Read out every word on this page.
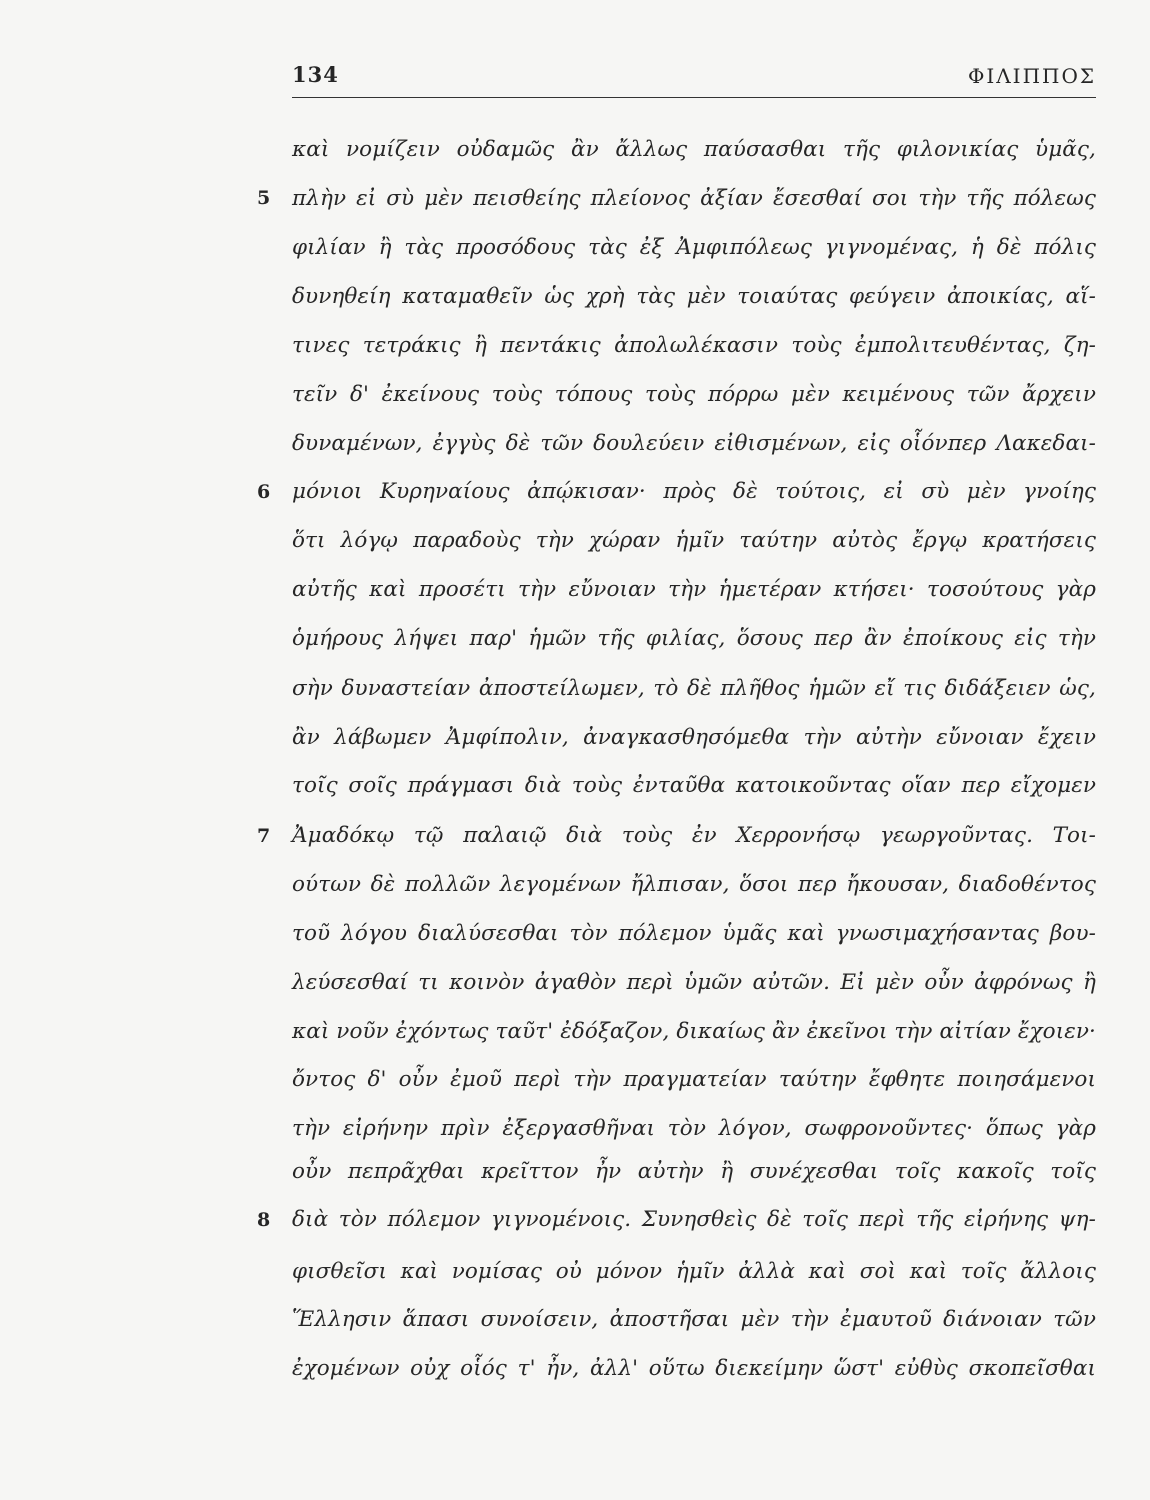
134	ΦΙΛΙΠΠΟΣ
5
6
7
8
καὶ νομίζειν οὐδαμῶς ἂν ἄλλως παύσασθαι τῆς φιλονικίας ὑμᾶς,
πλὴν εἰ σὺ μὲν πεισθείης πλείονος ἀξίαν ἔσεσθαί σοι τὴν τῆς πόλεως
φιλίαν ἢ τὰς προσόδους τὰς ἐξ Ἀμφιπόλεως γιγνομένας, ἡ δὲ πόλις
δυνηθείη καταμαθεῖν ὡς χρὴ τὰς μὲν τοιαύτας φεύγειν ἀποικίας, αἵ-
τινες τετράκις ἢ πεντάκις ἀπολωλέκασιν τοὺς ἐμπολιτευθέντας, ζη-
τεῖν δ' ἐκείνους τοὺς τόπους τοὺς πόρρω μὲν κειμένους τῶν ἄρχειν
δυναμένων, ἐγγὺς δὲ τῶν δουλεύειν εἰθισμένων, εἰς οἷόνπερ Λακεδαι-
μόνιοι Κυρηναίους ἀπῴκισαν· πρὸς δὲ τούτοις, εἰ σὺ μὲν γνοίης
ὅτι λόγῳ παραδοὺς τὴν χώραν ἡμῖν ταύτην αὐτὸς ἔργῳ κρατήσεις
αὐτῆς καὶ προσέτι τὴν εὔνοιαν τὴν ἡμετέραν κτήσει· τοσούτους γὰρ
ὁμήρους λήψει παρ' ἡμῶν τῆς φιλίας, ὅσους περ ἂν ἐποίκους εἰς τὴν
σὴν δυναστείαν ἀποστείλωμεν, τὸ δὲ πλῆθος ἡμῶν εἴ τις διδάξειεν ὡς,
ἂν λάβωμεν Ἀμφίπολιν, ἀναγκασθησόμεθα τὴν αὐτὴν εὔνοιαν ἔχειν
τοῖς σοῖς πράγμασι διὰ τοὺς ἐνταῦθα κατοικοῦντας οἵαν περ εἴχομεν
Ἀμαδόκῳ τῷ παλαιῷ διὰ τοὺς ἐν Χερρονήσῳ γεωργοῦντας. Τοι-
ούτων δὲ πολλῶν λεγομένων ἤλπισαν, ὅσοι περ ἤκουσαν, διαδοθέντος
τοῦ λόγου διαλύσεσθαι τὸν πόλεμον ὑμᾶς καὶ γνωσιμαχήσαντας βου-
λεύσεσθαί τι κοινὸν ἀγαθὸν περὶ ὑμῶν αὐτῶν. Εἰ μὲν οὖν ἀφρόνως ἢ
καὶ νοῦν ἐχόντως ταῦτ' ἐδόξαζον, δικαίως ἂν ἐκεῖνοι τὴν αἰτίαν ἔχοιεν·
ὄντος δ' οὖν ἐμοῦ περὶ τὴν πραγματείαν ταύτην ἔφθητε ποιησάμενοι
τὴν εἰρήνην πρὶν ἐξεργασθῆναι τὸν λόγον, σωφρονοῦντες· ὅπως γὰρ
οὖν πεπρᾶχθαι κρεῖττον ἦν αὐτὴν ἢ συνέχεσθαι τοῖς κακοῖς τοῖς
διὰ τὸν πόλεμον γιγνομένοις. Συνησθεὶς δὲ τοῖς περὶ τῆς εἰρήνης ψη-
φισθεῖσι καὶ νομίσας οὐ μόνον ἡμῖν ἀλλὰ καὶ σοὶ καὶ τοῖς ἄλλοις
Ἕλλησιν ἅπασι συνοίσειν, ἀποστῆσαι μὲν τὴν ἐμαυτοῦ διάνοιαν τῶν
ἐχομένων οὐχ οἷός τ' ἦν, ἀλλ' οὕτω διεκείμην ὥστ' εὐθὺς σκοπεῖσθαι
